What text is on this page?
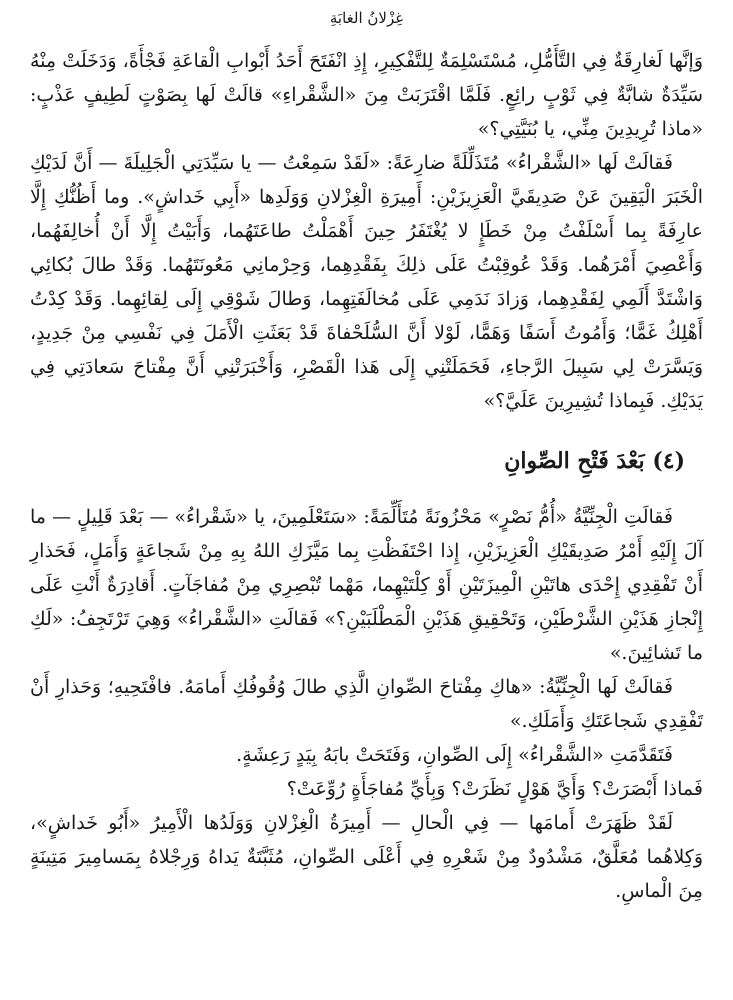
غِزْلانُ الغابَةِ

وَإنَّها لَغارِقَةٌ فِي التَّأَمُّلِ، مُسْتَسْلِمَةٌ لِلتَّفْكِيرِ، إِذِ انْفَتَحَ أَحَدُ أَبْوابِ الْقاعَةِ فَجْأَةً، وَدَخَلَتْ مِنْهُ سَيِّدَةٌ شابَّةٌ فِي ثَوْبٍ رائِعٍ. فَلَمَّا اقْتَرَبَتْ مِنَ «الشَّقْراءِ» قالَتْ لَها بِصَوْتٍ لَطِيفٍ عَذْبٍ: «ماذا تُرِيدِينَ مِنِّي، يا بُنَيَّتِي؟»

فَقالَتْ لَها «الشَّقْراءُ» مُتَذَلِّلَةً ضارِعَةً: «لَقَدْ سَمِعْتُ — يا سَيِّدَتِي الْجَلِيلَةَ — أَنَّ لَدَيْكِ الْخَبَرَ الْيَقِينَ عَنْ صَدِيقَيَّ الْعَزِيزَيْنِ: أَمِيرَةِ الْغِزْلانِ وَوَلَدِها «أَبِي خَداشٍ». وما أَظُنُّكِ إِلَّا عارِفَةً بِما أَسْلَفْتُ مِنْ خَطَإٍ لا يُغْتَفَرُ حِينَ أَهْمَلْتُ طاعَتَهُما، وَأَبَيْتُ إِلَّا أَنْ أُخالِفَهُما، وَأَعْصِيَ أَمْرَهُما. وَقَدْ عُوقِبْتُ عَلَى ذلِكَ بِفَقْدِهِما، وَحِرْمانِي مَعُونَتَهُما. وَقَدْ طالَ بُكائِي وَاشْتَدَّ أَلَمِي لِفَقْدِهِما، وَزادَ نَدَمِي عَلَى مُخالَفَتِهِما، وَطالَ شَوْقِي إِلَى لِقائِهِما. وَقَدْ كِدْتُ أَهْلِكُ غَمًّا؛ وَأَمُوتُ أَسَفًا وَهَمًّا، لَوْلا أَنَّ السُّلَحْفاةَ قَدْ بَعَثَتِ الْأَمَلَ فِي نَفْسِي مِنْ جَدِيدٍ، وَيَسَّرَتْ لِي سَبِيلَ الرَّجاءِ، فَحَمَلَتْنِي إِلَى هَذا الْقَصْرِ، وَأَخْبَرَتْنِي أَنَّ مِفْتاحَ سَعادَتِي فِي يَدَيْكِ. فَبِماذا تُشِيرِينَ عَلَيَّ؟»

(٤) بَعْدَ فَتْحِ الصِّوانِ

فَقالَتِ الْجِنِّيَّةُ «أُمُّ نَصْرٍ» مَحْزُونَةً مُتَأَلِّمَةً: «سَتَعْلَمِينَ، يا «شَقْراءُ» — بَعْدَ قَلِيلٍ — ما آلَ إِلَيْهِ أَمْرُ صَدِيقَيْكِ الْعَزِيزَيْنِ، إِذا احْتَفَظْتِ بِما مَيَّزَكِ اللهُ بِهِ مِنْ شَجاعَةٍ وَأَمَلٍ، فَحَذارِ أَنْ تَفْقِدِي إِحْدَى هاتَيْنِ الْمِيزَتَيْنِ أَوْ كِلْتَيْهِما، مَهْما تُبْصِرِي مِنْ مُفاجَآتٍ. أَقادِرَةٌ أَنْتِ عَلَى إِنْجازِ هَذَيْنِ الشَّرْطَيْنِ، وَتَحْقِيقِ هَذَيْنِ الْمَطْلَبَيْنِ؟» فَقالَتِ «الشَّقْراءُ» وَهِيَ تَرْتَجِفُ: «لَكِ ما تَشائِينَ.»

فَقالَتْ لَها الْجِنِّيَّةُ: «هاكِ مِفْتاحَ الصِّوانِ الَّذِي طالَ وُقُوفُكِ أَمامَهُ. فافْتَحِيهِ؛ وَحَذارِ أَنْ تَفْقِدِي شَجاعَتَكِ وَأَمَلَكِ.»

فَتَقَدَّمَتِ «الشَّقْراءُ» إِلَى الصِّوانِ، وَفَتَحَتْ بابَهُ بِيَدٍ رَعِشَةٍ.

فَماذا أَبْصَرَتْ؟ وَأَيَّ هَوْلٍ نَظَرَتْ؟ وَبِأَيِّ مُفاجَأَةٍ رُوِّعَتْ؟

لَقَدْ ظَهَرَتْ أَمامَها — فِي الْحالِ — أَمِيرَةُ الْغِزْلانِ وَوَلَدُها الْأَمِيرُ «أَبُو خَداشٍ»، وَكِلاهُما مُعَلَّقٌ، مَشْدُودٌ مِنْ شَعْرِهِ فِي أَعْلَى الصِّوانِ، مُثَبَّتَةٌ يَداهُ وَرِجْلاهُ بِمَسامِيرَ مَتِينَةٍ مِنَ الْماسِ.
